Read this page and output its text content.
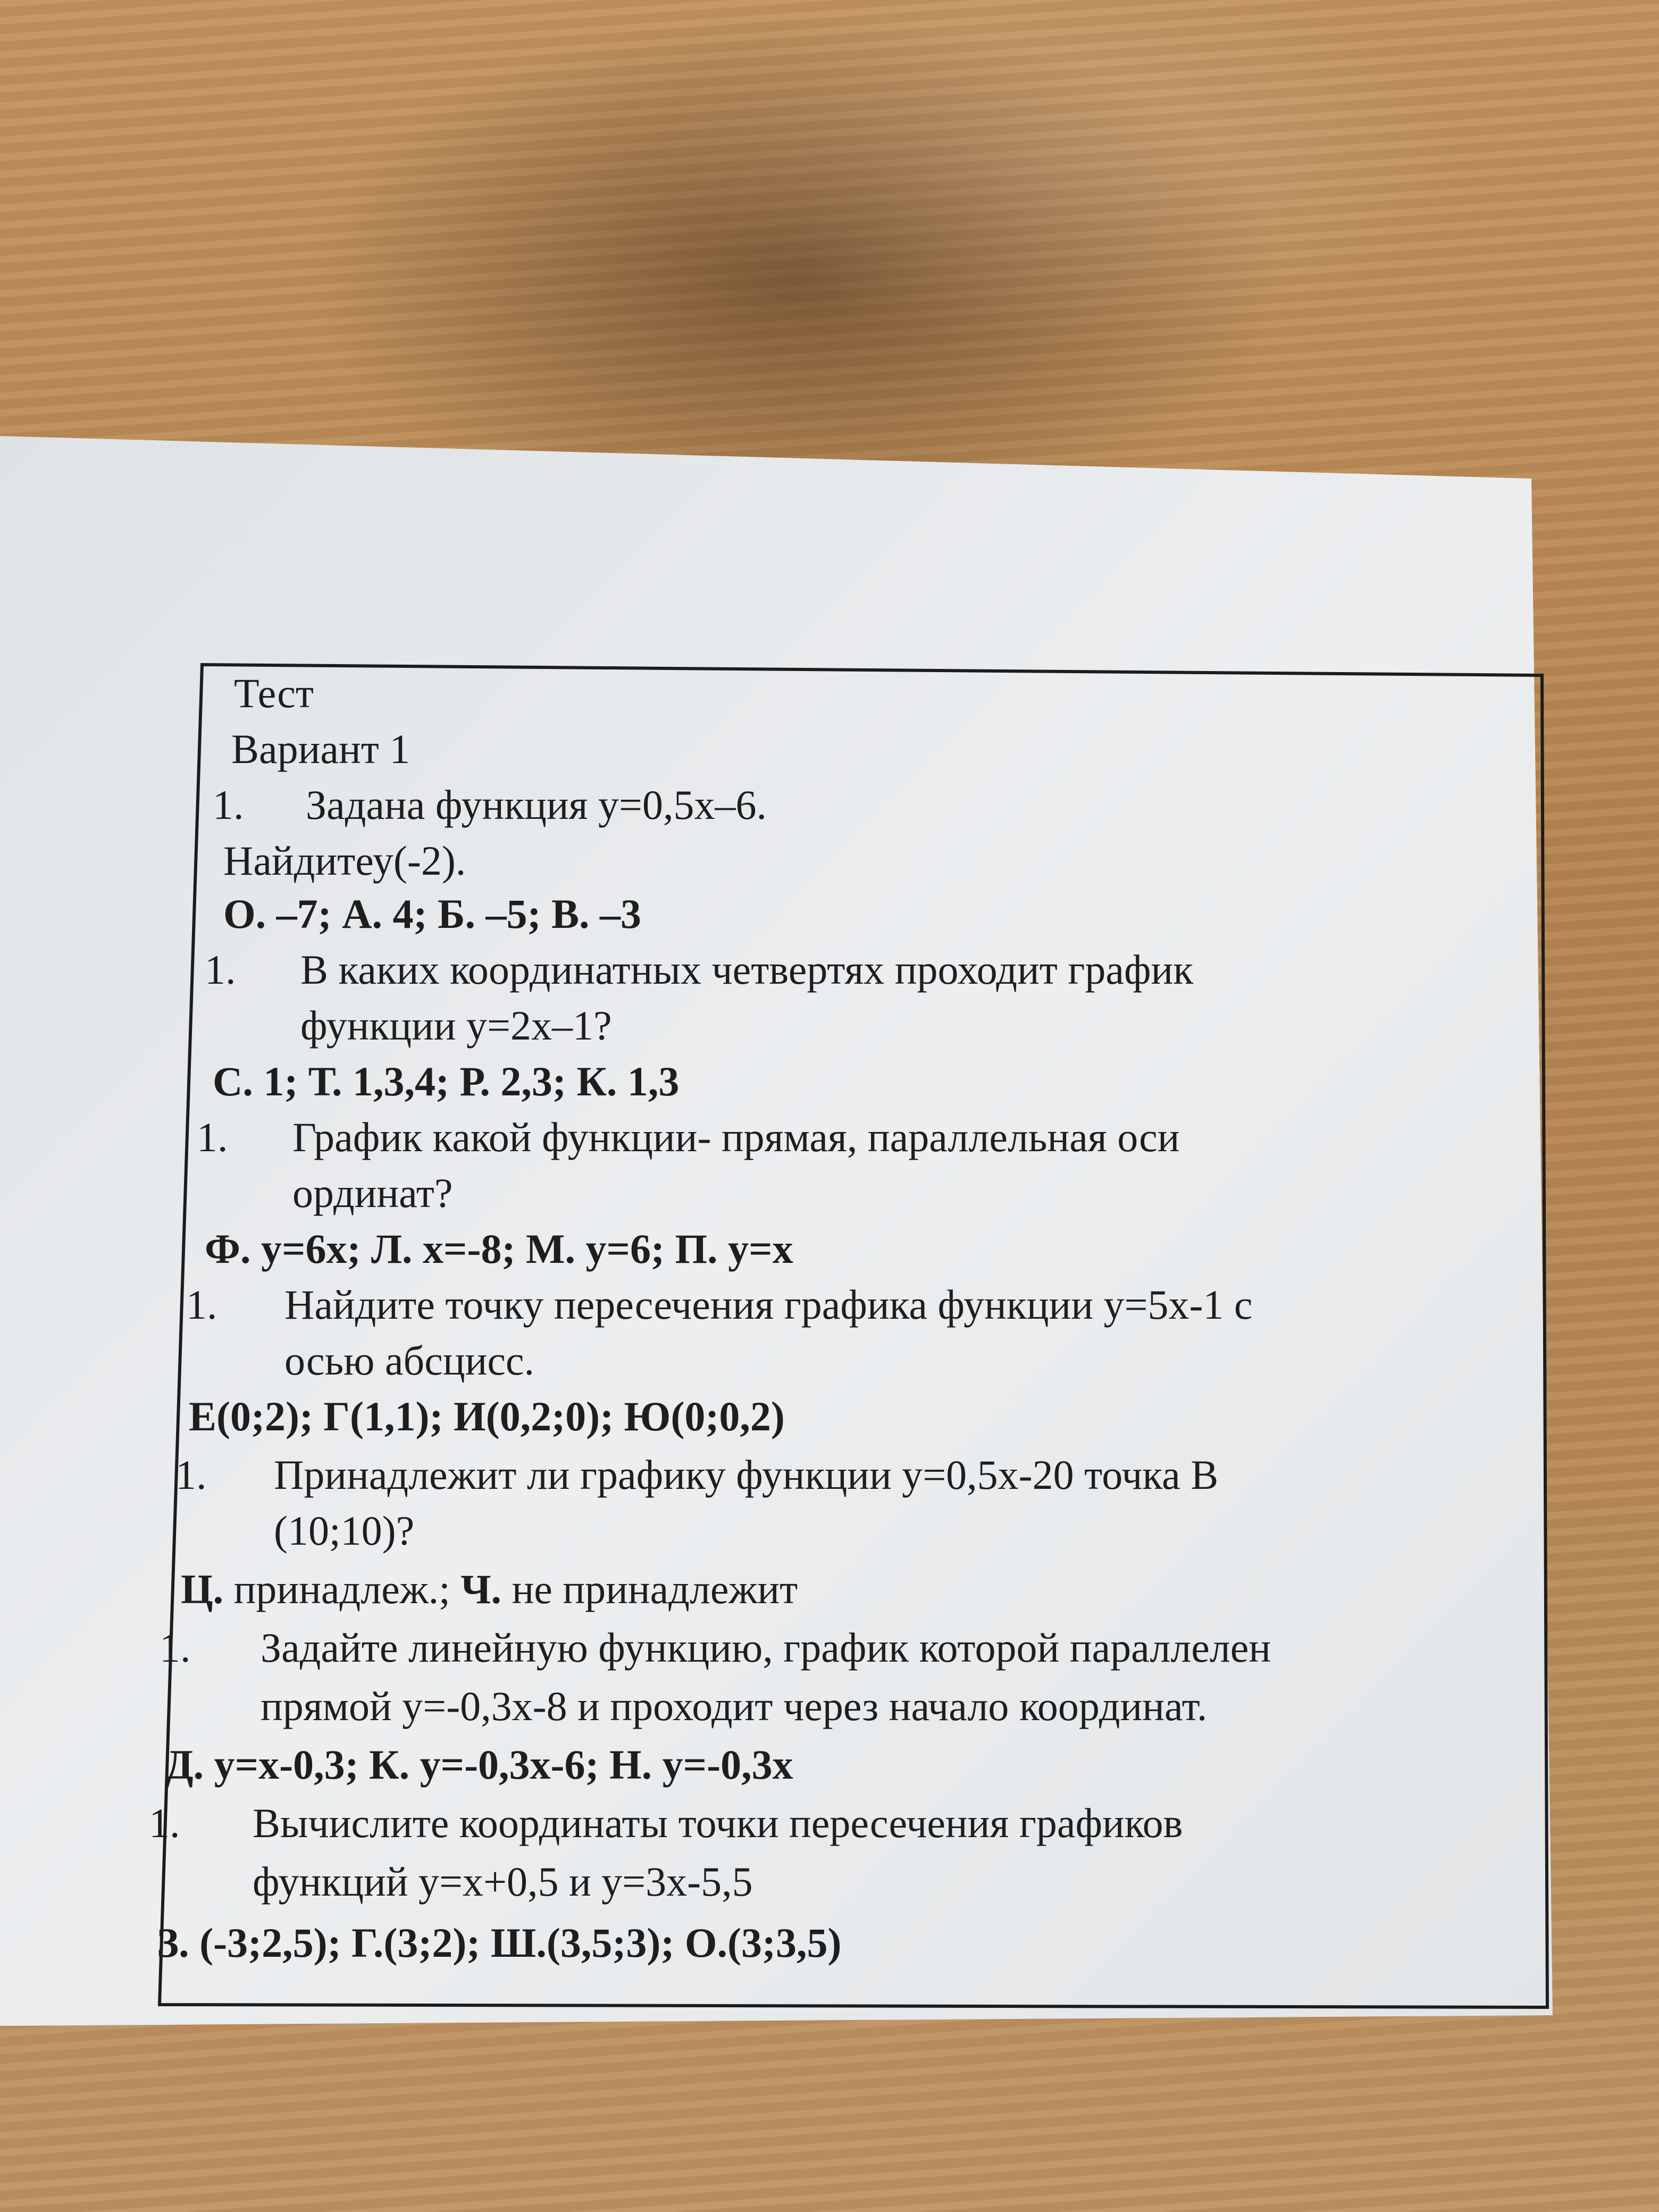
Тест
Вариант 1
1. Задана функция y=0,5x–6.
Найдитеу(-2).
О. –7; А. 4; Б. –5; В. –3
1. В каких координатных четвертях проходит график
функции y=2x–1?
С. 1; Т. 1,3,4; Р. 2,3; К. 1,3
1. График какой функции- прямая, параллельная оси
ординат?
Ф. y=6x; Л. x=-8; М. y=6; П. y=x
1. Найдите точку пересечения графика функции y=5x-1 с
осью абсцисс.
Е(0;2); Г(1,1); И(0,2;0); Ю(0;0,2)
1. Принадлежит ли графику функции y=0,5x-20 точка В
(10;10)?
Ц. принадлеж.; Ч. не принадлежит
1. Задайте линейную функцию, график которой параллелен
прямой y=-0,3x-8 и проходит через начало координат.
Д. y=x-0,3; К. y=-0,3x-6; Н. y=-0,3x
1. Вычислите координаты точки пересечения графиков
функций y=x+0,5 и y=3x-5,5
З. (-3;2,5); Г.(3;2); Ш.(3,5;3); О.(3;3,5)
